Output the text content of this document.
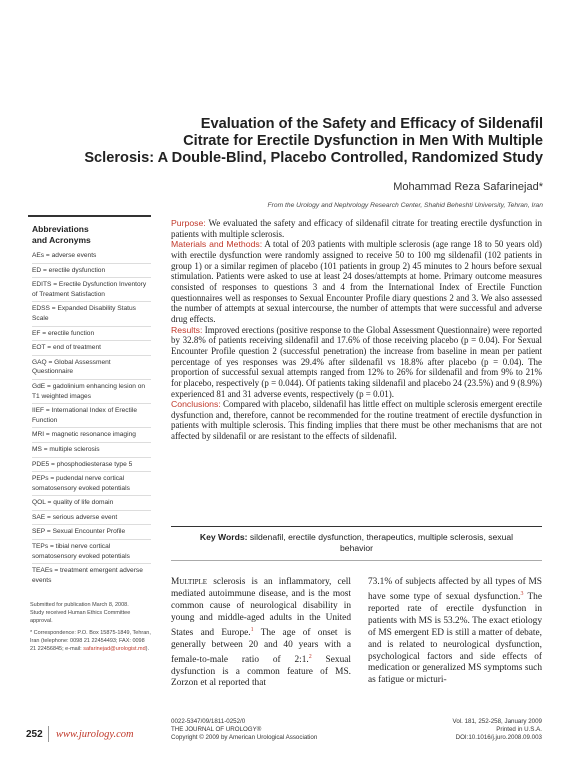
Evaluation of the Safety and Efficacy of Sildenafil
Citrate for Erectile Dysfunction in Men With Multiple
Sclerosis: A Double-Blind, Placebo Controlled, Randomized Study
Mohammad Reza Safarinejad*
From the Urology and Nephrology Research Center, Shahid Beheshti University, Tehran, Iran
Abbreviations
and Acronyms
AEs = adverse events
ED = erectile dysfunction
EDITS = Erectile Dysfunction Inventory of Treatment Satisfaction
EDSS = Expanded Disability Status Scale
EF = erectile function
EOT = end of treatment
GAQ = Global Assessment Questionnaire
GdE = gadolinium enhancing lesion on T1 weighted images
IIEF = International Index of Erectile Function
MRI = magnetic resonance imaging
MS = multiple sclerosis
PDE5 = phosphodiesterase type 5
PEPs = pudendal nerve cortical somatosensory evoked potentials
QOL = quality of life domain
SAE = serious adverse event
SEP = Sexual Encounter Profile
TEPs = tibial nerve cortical somatosensory evoked potentials
TEAEs = treatment emergent adverse events
Purpose: We evaluated the safety and efficacy of sildenafil citrate for treating erectile dysfunction in patients with multiple sclerosis.
Materials and Methods: A total of 203 patients with multiple sclerosis (age range 18 to 50 years old) with erectile dysfunction were randomly assigned to receive 50 to 100 mg sildenafil (102 patients in group 1) or a similar regimen of placebo (101 patients in group 2) 45 minutes to 2 hours before sexual stimulation. Patients were asked to use at least 24 doses/attempts at home. Primary outcome measures consisted of responses to questions 3 and 4 from the International Index of Erectile Function questionnaires well as responses to Sexual Encounter Profile diary questions 2 and 3. We also assessed the number of attempts at sexual intercourse, the number of attempts that were successful and adverse drug effects.
Results: Improved erections (positive response to the Global Assessment Questionnaire) were reported by 32.8% of patients receiving sildenafil and 17.6% of those receiving placebo (p = 0.04). For Sexual Encounter Profile question 2 (successful penetration) the increase from baseline in mean per patient percentage of yes responses was 29.4% after sildenafil vs 18.8% after placebo (p = 0.04). The proportion of successful sexual attempts ranged from 12% to 26% for sildenafil and from 9% to 21% for placebo, respectively (p = 0.044). Of patients taking sildenafil and placebo 24 (23.5%) and 9 (8.9%) experienced 81 and 31 adverse events, respectively (p = 0.01).
Conclusions: Compared with placebo, sildenafil has little effect on multiple sclerosis emergent erectile dysfunction and, therefore, cannot be recommended for the routine treatment of erectile dysfunction in patients with multiple sclerosis. This finding implies that there must be other mechanisms that are not affected by sildenafil or are resistant to the effects of sildenafil.
Key Words: sildenafil, erectile dysfunction, therapeutics, multiple sclerosis, sexual behavior
Multiple sclerosis is an inflammatory, cell mediated autoimmune disease, and is the most common cause of neurological disability in young and middle-aged adults in the United States and Europe.$^1$ The age of onset is generally between 20 and 40 years with a female-to-male ratio of 2:1.$^2$ Sexual dysfunction is a common feature of MS. Zorzon et al reported that
73.1% of subjects affected by all types of MS have some type of sexual dysfunction.$^3$ The reported rate of erectile dysfunction in patients with MS is 53.2%. The exact etiology of MS emergent ED is still a matter of debate, and is related to neurological dysfunction, psychological factors and side effects of medication or generalized MS symptoms such as fatigue or micturi-
Submitted for publication March 8, 2008.
Study received Human Ethics Committee approval.
* Correspondence: P.O. Box 15875-1849, Tehran, Iran (telephone: 0098 21 22454493; FAX: 0098 21 22456845; e-mail: safarinejad@urologist.md).
252 www.jurology.com
0022-5347/09/1811-0252/0
THE JOURNAL OF UROLOGY®
Copyright © 2009 by American Urological Association
Vol. 181, 252-258, January 2009
Printed in U.S.A.
DOI:10.1016/j.juro.2008.09.003
